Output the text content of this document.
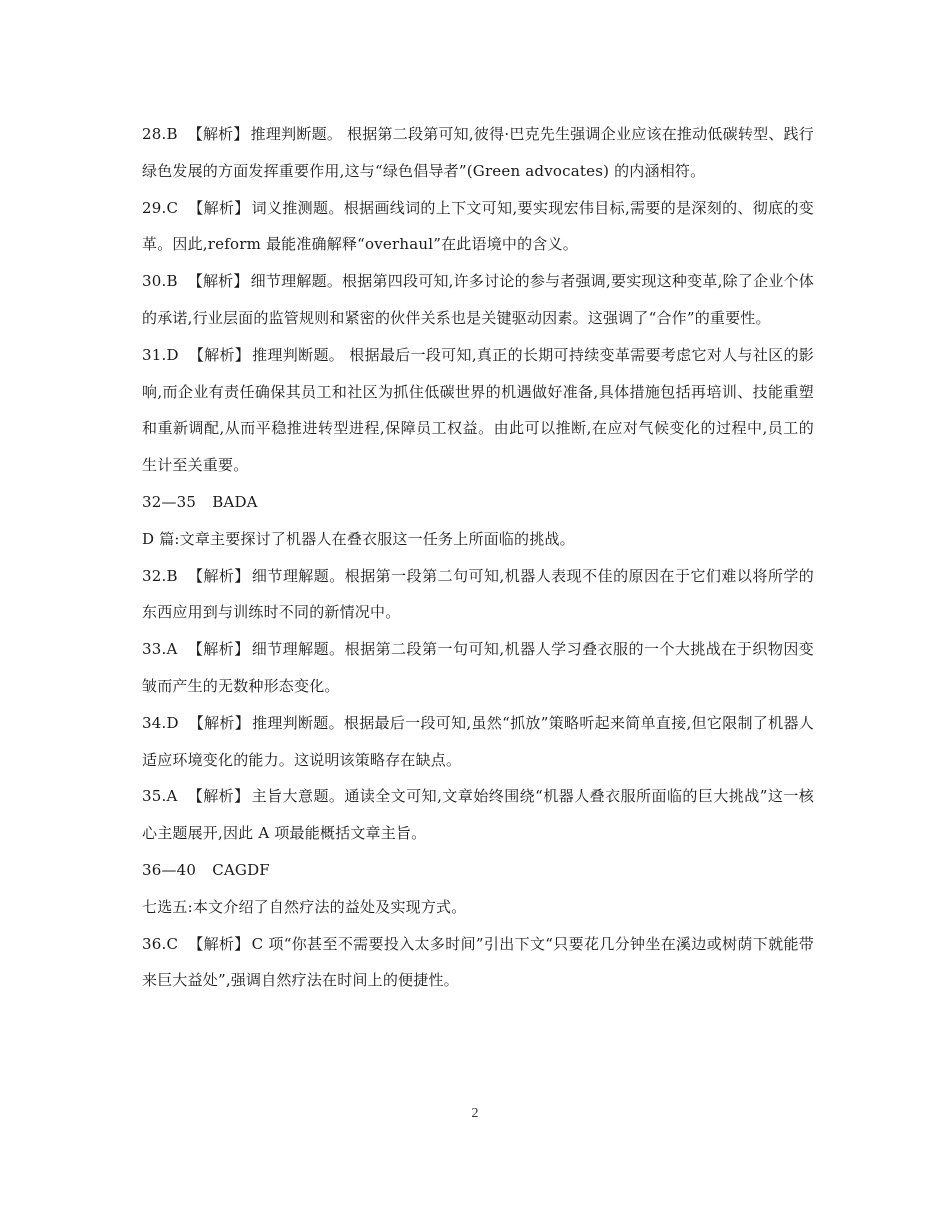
28.B 【解析】 推理判断题。 根据第二段第可知,彼得·巴克先生强调企业应该在推动低碳转型、践行绿色发展的方面发挥重要作用,这与“绿色倡导者”(Green advocates) 的内涵相符。

29.C 【解析】 词义推测题。根据画线词的上下文可知,要实现宏伟目标,需要的是深刻的、彻底的变革。因此,reform 最能准确解释“overhaul”在此语境中的含义。

30.B 【解析】 细节理解题。根据第四段可知,许多讨论的参与者强调,要实现这种变革,除了企业个体的承诺,行业层面的监管规则和紧密的伙伴关系也是关键驱动因素。这强调了“合作”的重要性。

31.D 【解析】 推理判断题。 根据最后一段可知,真正的长期可持续变革需要考虑它对人与社区的影响,而企业有责任确保其员工和社区为抓住低碳世界的机遇做好准备,具体措施包括再培训、技能重塑和重新调配,从而平稳推进转型进程,保障员工权益。由此可以推断,在应对气候变化的过程中,员工的生计至关重要。

32—35 BADA

D 篇:文章主要探讨了机器人在叠衣服这一任务上所面临的挑战。

32.B 【解析】 细节理解题。根据第一段第二句可知,机器人表现不佳的原因在于它们难以将所学的东西应用到与训练时不同的新情况中。

33.A 【解析】 细节理解题。根据第二段第一句可知,机器人学习叠衣服的一个大挑战在于织物因变皱而产生的无数种形态变化。

34.D 【解析】 推理判断题。根据最后一段可知,虽然“抓放”策略听起来简单直接,但它限制了机器人适应环境变化的能力。这说明该策略存在缺点。

35.A 【解析】 主旨大意题。通读全文可知,文章始终围绕“机器人叠衣服所面临的巨大挑战”这一核心主题展开,因此 A 项最能概括文章主旨。

36—40 CAGDF

七选五:本文介绍了自然疗法的益处及实现方式。

36.C 【解析】 C 项“你甚至不需要投入太多时间”引出下文“只要花几分钟坐在溪边或树荫下就能带来巨大益处”,强调自然疗法在时间上的便捷性。

2
